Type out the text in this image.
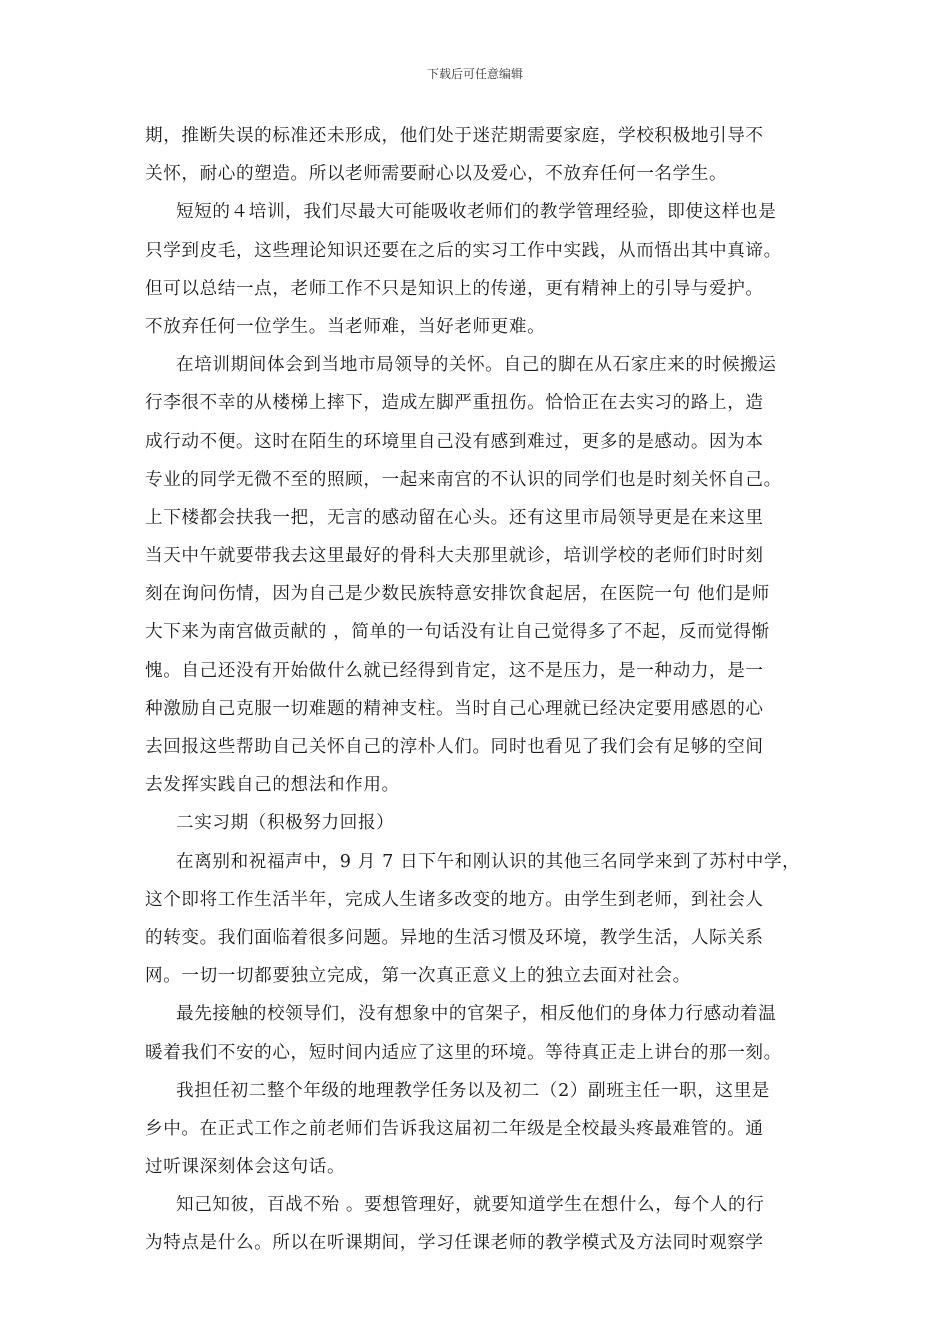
下载后可任意编辑
期，推断失误的标准还未形成，他们处于迷茫期需要家庭，学校积极地引导不
关怀，耐心的塑造。所以老师需要耐心以及爱心，不放弃任何一名学生。
短短的４培训，我们尽最大可能吸收老师们的教学管理经验，即使这样也是
只学到皮毛，这些理论知识还要在之后的实习工作中实践，从而悟出其中真谛。
但可以总结一点，老师工作不只是知识上的传递，更有精神上的引导与爱护。
不放弃任何一位学生。当老师难，当好老师更难。
在培训期间体会到当地市局领导的关怀。自己的脚在从石家庄来的时候搬运
行李很不幸的从楼梯上摔下，造成左脚严重扭伤。恰恰正在去实习的路上，造
成行动不便。这时在陌生的环境里自己没有感到难过，更多的是感动。因为本
专业的同学无微不至的照顾，一起来南宫的不认识的同学们也是时刻关怀自己。
上下楼都会扶我一把，无言的感动留在心头。还有这里市局领导更是在来这里
当天中午就要带我去这里最好的骨科大夫那里就诊，培训学校的老师们时时刻
刻在询问伤情，因为自己是少数民族特意安排饮食起居，在医院一句 他们是师
大下来为南宫做贡献的 ，简单的一句话没有让自己觉得多了不起，反而觉得惭
愧。自己还没有开始做什么就已经得到肯定，这不是压力，是一种动力，是一
种激励自己克服一切难题的精神支柱。当时自己心理就已经决定要用感恩的心
去回报这些帮助自己关怀自己的淳朴人们。同时也看见了我们会有足够的空间
去发挥实践自己的想法和作用。
二实习期（积极努力回报）
在离别和祝福声中，9 月 7 日下午和刚认识的其他三名同学来到了苏村中学，
这个即将工作生活半年，完成人生诸多改变的地方。由学生到老师，到社会人
的转变。我们面临着很多问题。异地的生活习惯及环境，教学生活，人际关系
网。一切一切都要独立完成，第一次真正意义上的独立去面对社会。
最先接触的校领导们，没有想象中的官架子，相反他们的身体力行感动着温
暖着我们不安的心，短时间内适应了这里的环境。等待真正走上讲台的那一刻。
我担任初二整个年级的地理教学任务以及初二（2）副班主任一职，这里是
乡中。在正式工作之前老师们告诉我这届初二年级是全校最头疼最难管的。通
过听课深刻体会这句话。
知己知彼，百战不殆 。要想管理好，就要知道学生在想什么，每个人的行
为特点是什么。所以在听课期间，学习任课老师的教学模式及方法同时观察学
